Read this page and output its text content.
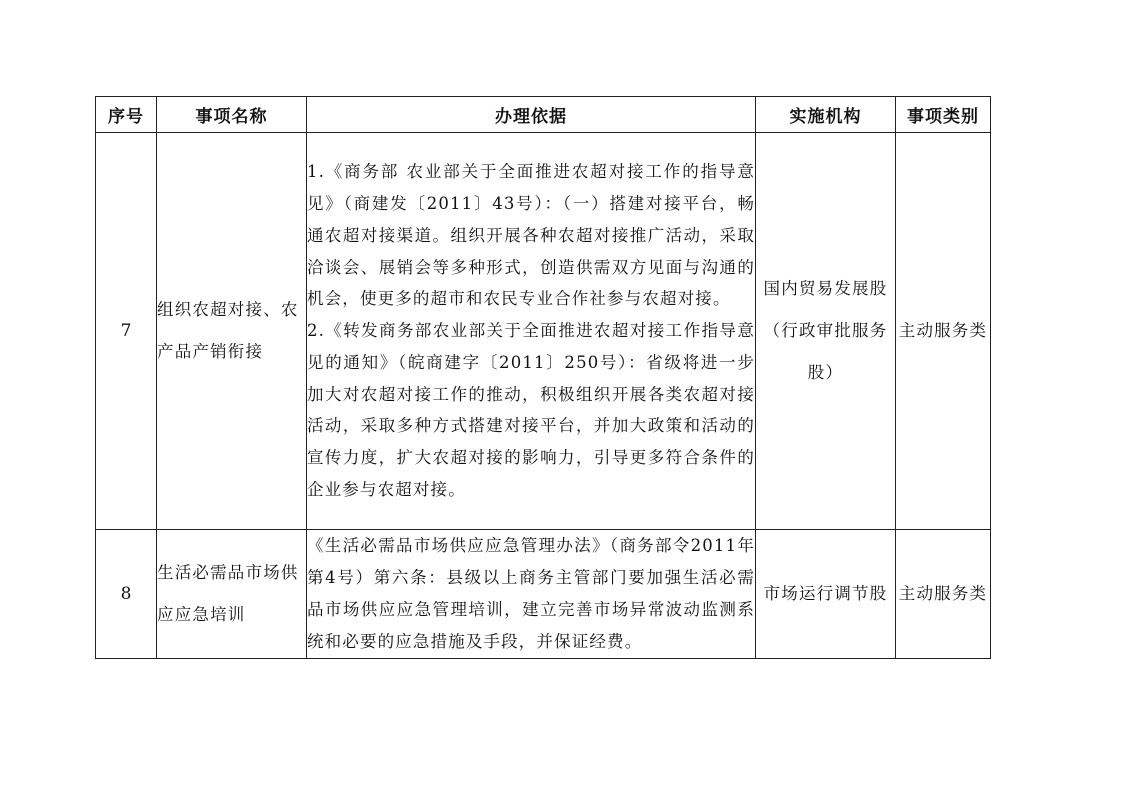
序号	事项名称	办理依据	实施机构	事项类别
7	组织农超对接、农产品产销衔接	1.《商务部 农业部关于全面推进农超对接工作的指导意见》（商建发〔2011〕43号）：（一）搭建对接平台，畅通农超对接渠道。组织开展各种农超对接推广活动，采取洽谈会、展销会等多种形式，创造供需双方见面与沟通的机会，使更多的超市和农民专业合作社参与农超对接。

2.《转发商务部农业部关于全面推进农超对接工作指导意见的通知》（皖商建字〔2011〕250号）：省级将进一步加大对农超对接工作的推动，积极组织开展各类农超对接活动，采取多种方式搭建对接平台，并加大政策和活动的宣传力度，扩大农超对接的影响力，引导更多符合条件的企业参与农超对接。	国内贸易发展股（行政审批服务股）	主动服务类
8	生活必需品市场供应应急培训	《生活必需品市场供应应急管理办法》（商务部令2011年第4号）第六条：县级以上商务主管部门要加强生活必需品市场供应应急管理培训，建立完善市场异常波动监测系统和必要的应急措施及手段，并保证经费。	市场运行调节股	主动服务类
